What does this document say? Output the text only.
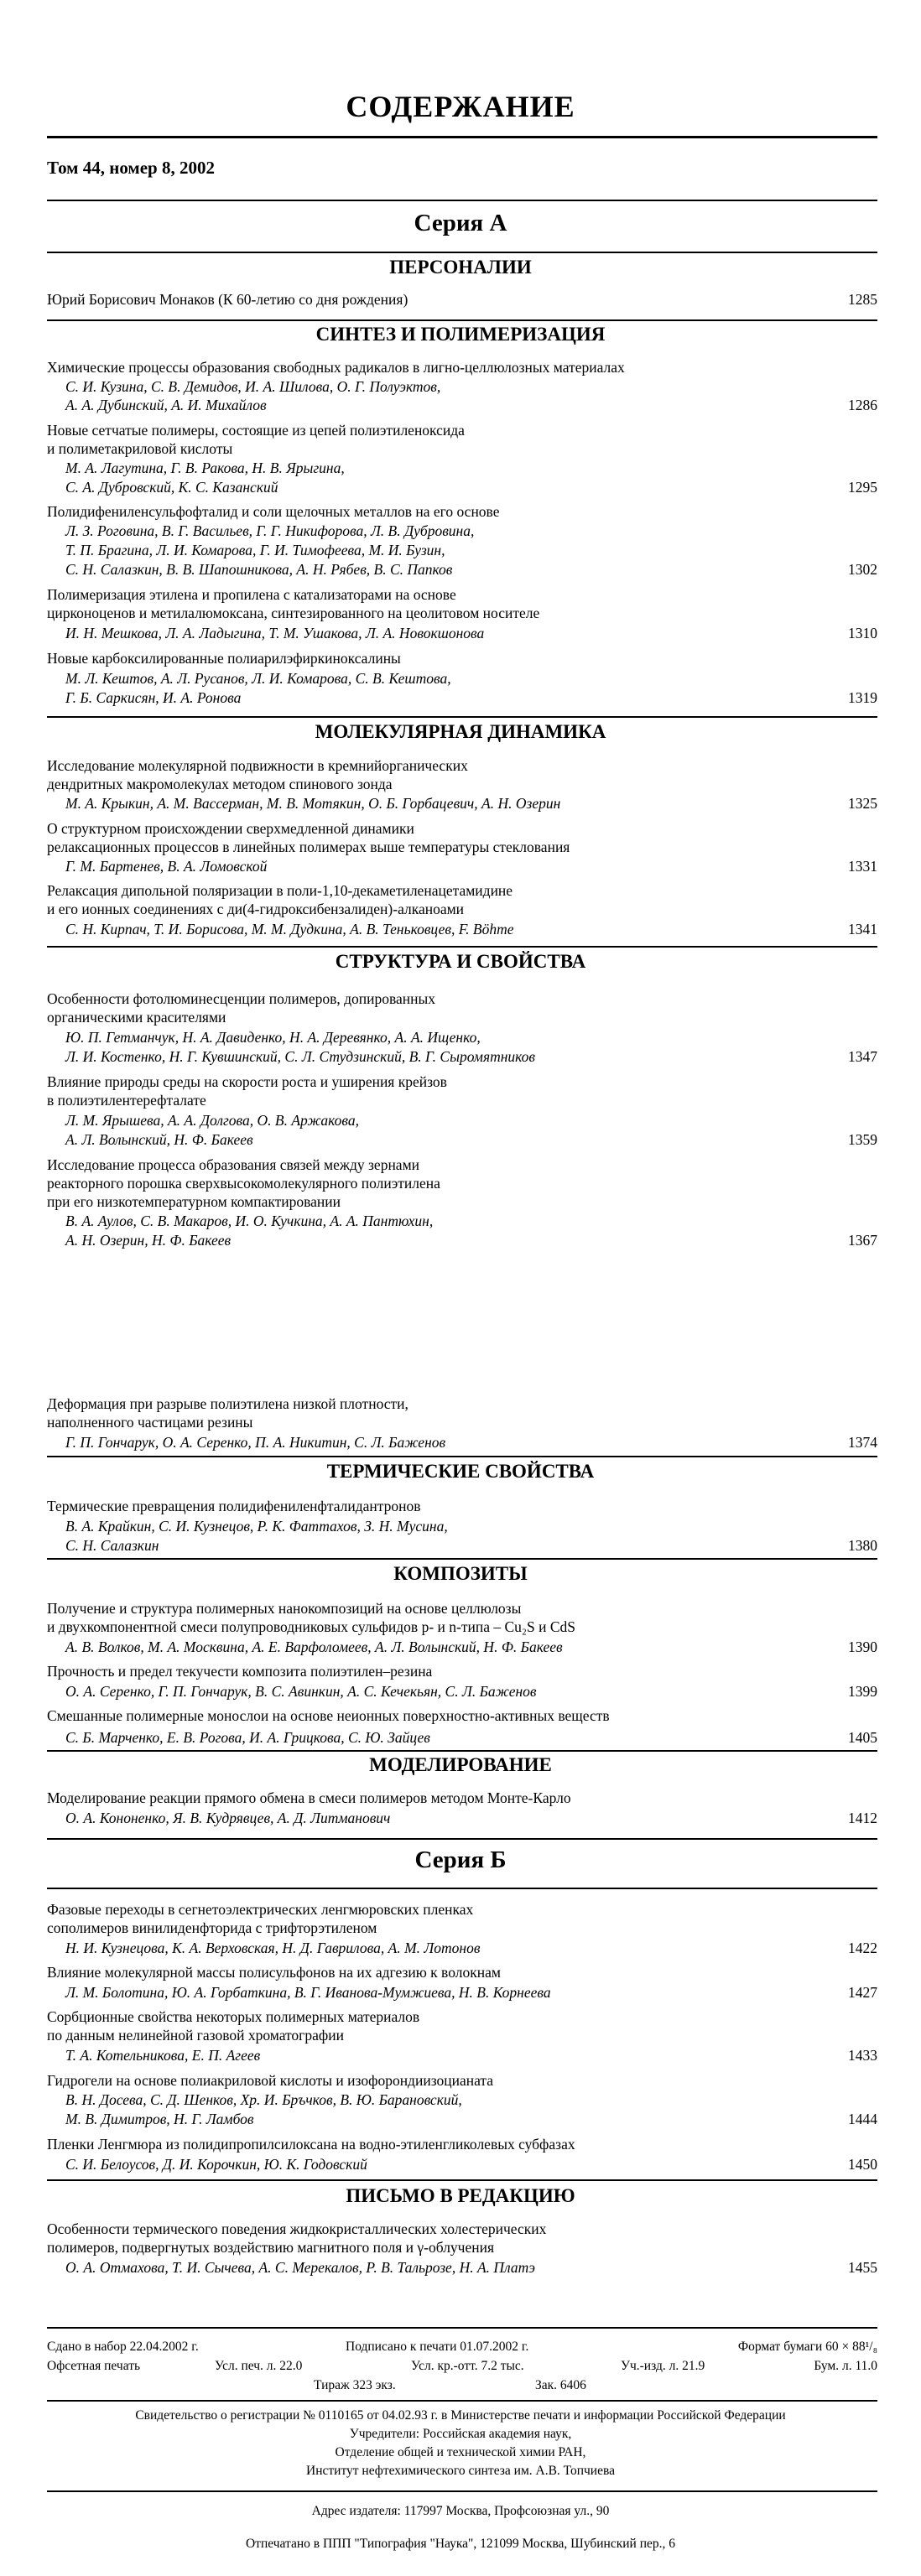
СОДЕРЖАНИЕ
Том 44, номер 8, 2002
Серия А
ПЕРСОНАЛИИ
Юрий Борисович Монаков (К 60-летию со дня рождения)	1285
СИНТЕЗ И ПОЛИМЕРИЗАЦИЯ
Химические процессы образования свободных радикалов в лигно-целлюлозных материалах
С. И. Кузина, С. В. Демидов, И. А. Шилова, О. Г. Полуэктов,
А. А. Дубинский, А. И. Михайлов	1286
Новые сетчатые полимеры, состоящие из цепей полиэтиленоксида
и полиметакриловой кислоты
М. А. Лагутина, Г. В. Ракова, Н. В. Ярыгина,
С. А. Дубровский, К. С. Казанский	1295
Полидифениленсульфофталид и соли щелочных металлов на его основе
Л. З. Роговина, В. Г. Васильев, Г. Г. Никифорова, Л. В. Дубровина,
Т. П. Брагина, Л. И. Комарова, Г. И. Тимофеева, М. И. Бузин,
С. Н. Салазкин, В. В. Шапошникова, А. Н. Рябев, В. С. Папков	1302
Полимеризация этилена и пропилена с катализаторами на основе
цирконоценов и метилалюмоксана, синтезированного на цеолитовом носителе
И. Н. Мешкова, Л. А. Ладыгина, Т. М. Ушакова, Л. А. Новокшонова	1310
Новые карбоксилированные полиарилэфиркиноксалины
М. Л. Кештов, А. Л. Русанов, Л. И. Комарова, С. В. Кештова,
Г. Б. Саркисян, И. А. Ронова	1319
МОЛЕКУЛЯРНАЯ ДИНАМИКА
Исследование молекулярной подвижности в кремнийорганических
дендритных макромолекулах методом спинового зонда
М. А. Крыкин, А. М. Вассерман, М. В. Мотякин, О. Б. Горбацевич, А. Н. Озерин	1325
О структурном происхождении сверхмедленной динамики
релаксационных процессов в линейных полимерах выше температуры стеклования
Г. М. Бартенев, В. А. Ломовской	1331
Релаксация дипольной поляризации в поли-1,10-декаметиленацетамидине
и его ионных соединениях с ди(4-гидроксибензалиден)-алканоами
С. Н. Кирпач, Т. И. Борисова, М. М. Дудкина, А. В. Теньковцев, F. Böhme	1341
СТРУКТУРА И СВОЙСТВА
Особенности фотолюминесценции полимеров, допированных
органическими красителями
Ю. П. Гетманчук, Н. А. Давиденко, Н. А. Деревянко, А. А. Ищенко,
Л. И. Костенко, Н. Г. Кувшинский, С. Л. Студзинский, В. Г. Сыромятников	1347
Влияние природы среды на скорости роста и уширения крейзов
в полиэтилентерефталате
Л. М. Ярышева, А. А. Долгова, О. В. Аржакова,
А. Л. Волынский, Н. Ф. Бакеев	1359
Исследование процесса образования связей между зернами
реакторного порошка сверхвысокомолекулярного полиэтилена
при его низкотемпературном компактировании
В. А. Аулов, С. В. Макаров, И. О. Кучкина, А. А. Пантюхин,
А. Н. Озерин, Н. Ф. Бакеев	1367
Деформация при разрыве полиэтилена низкой плотности,
наполненного частицами резины
Г. П. Гончарук, О. А. Серенко, П. А. Никитин, С. Л. Баженов	1374
ТЕРМИЧЕСКИЕ СВОЙСТВА
Термические превращения полидифениленфталидантронов
В. А. Крайкин, С. И. Кузнецов, Р. К. Фаттахов, З. Н. Мусина,
С. Н. Салазкин	1380
КОМПОЗИТЫ
Получение и структура полимерных нанокомпозиций на основе целлюлозы
и двухкомпонентной смеси полупроводниковых сульфидов p- и n-типа – Cu₂S и CdS
А. В. Волков, М. А. Москвина, А. Е. Варфоломеев, А. Л. Волынский, Н. Ф. Бакеев	1390
Прочность и предел текучести композита полиэтилен–резина
О. А. Серенко, Г. П. Гончарук, В. С. Авинкин, А. С. Кечекьян, С. Л. Баженов	1399
Смешанные полимерные монослои на основе неионных поверхностно-активных веществ
С. Б. Марченко, Е. В. Рогова, И. А. Грицкова, С. Ю. Зайцев	1405
МОДЕЛИРОВАНИЕ
Моделирование реакции прямого обмена в смеси полимеров методом Монте-Карло
О. А. Кононенко, Я. В. Кудрявцев, А. Д. Литманович	1412
Серия Б
Фазовые переходы в сегнетоэлектрических ленгмюровских пленках
сополимеров винилиденфторида с трифторэтиленом
Н. И. Кузнецова, К. А. Верховская, Н. Д. Гаврилова, А. М. Лотонов	1422
Влияние молекулярной массы полисульфонов на их адгезию к волокнам
Л. М. Болотина, Ю. А. Горбаткина, В. Г. Иванова-Мумжиева, Н. В. Корнеева	1427
Сорбционные свойства некоторых полимерных материалов
по данным нелинейной газовой хроматографии
Т. А. Котельникова, Е. П. Агеев	1433
Гидрогели на основе полиакриловой кислоты и изофорондиизоцианата
В. Н. Досева, С. Д. Шенков, Хр. И. Бръчков, В. Ю. Барановский,
М. В. Димитров, Н. Г. Ламбов	1444
Пленки Ленгмюра из полидипропилсилоксана на водно-этиленгликолевых субфазах
С. И. Белоусов, Д. И. Корочкин, Ю. К. Годовский	1450
ПИСЬМО В РЕДАКЦИЮ
Особенности термического поведения жидкокристаллических холестерических
полимеров, подвергнутых воздействию магнитного поля и γ-облучения
О. А. Отмахова, Т. И. Сычева, А. С. Мерекалов, Р. В. Тальрозе, Н. А. Платэ	1455
Сдано в набор 22.04.2002 г.	Подписано к печати 01.07.2002 г.	Формат бумаги 60 × 88¹/₈
Офсетная печать	Усл. печ. л. 22.0	Усл. кр.-отт. 7.2 тыс.	Уч.-изд. л. 21.9	Бум. л. 11.0
Тираж 323 экз.	Зак. 6406
Свидетельство о регистрации № 0110165 от 04.02.93 г. в Министерстве печати и информации Российской Федерации
Учредители: Российская академия наук,
Отделение общей и технической химии РАН,
Институт нефтехимического синтеза им. А.В. Топчиева
Адрес издателя: 117997 Москва, Профсоюзная ул., 90
Отпечатано в ППП "Типография "Наука", 121099 Москва, Шубинский пер., 6
